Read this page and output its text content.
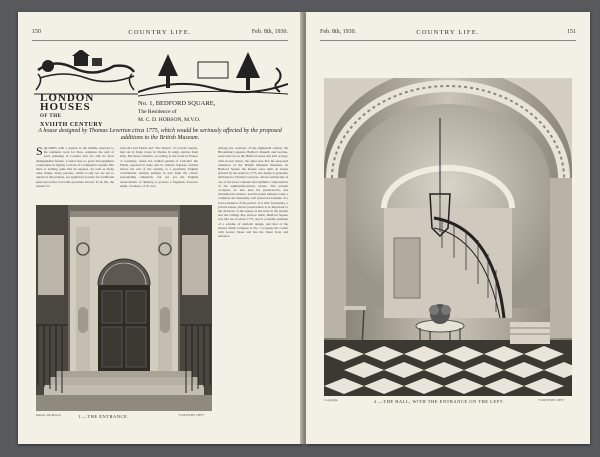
150	COUNTRY LIFE.	Feb. 8th, 1930.
LONDON
HOUSES
OF THE
XVIIITH CENTURY
No. 1, BEDFORD SQUARE,
The Residence of
M. C. D. HOBSON, M.V.O.
A house designed by Thomas Leverton circa 1775, which would be seriously affected by the proposed additions to the British Museum.
SQUARES with a garden in the middle reserved to the residents were for three centuries the unit of town planning in London and are still its most distinguished feature. London has no great thoroughfares comparable in dignity to those of Continental capitals. But there is nothing quite like its squares. As well as many other things, many persons, which to-day we are apt to regard as innovations, are applied in London for traditional purposes before it became prevalent abroad. To be fair, the pattern for
Lincoln's Inn Fields and "The Piazza" of Covent Garden, laid out by Inigo Jones in Charles I's reign, derives from Italy. But these schemes, according to the trend in France or Germany, where the vaulted garden of Lincoln's Inn Fields, repeated in Soho and St. James's Squares, formed before the end of the century, is a peculiarly English contribution. Arising perhaps in part from the classic surrounding cathedrals, but not yet the English characteristic of desiring to possess a fragment, however small, of nature, of its own.
Among the creations of the eighteenth century the Bloomsbury squares, Bedford, Russell, and Gordon, were laid out on the Bedford estate and still occupy, with Gower Street, the quiet area that the proposed extension of the British Museum threatens. In Bedford Square the houses were built on leases granted by the estate in 1775, the design is generally attributed to Thomas Leverton, whose architecture is one of the most coherent and rhythmic compositions of the eighteenth-century streets. The present occupant, no less than his predecessors, has cherished the interior, and the house remains today a complete and unusually well preserved example of a town residence of the period. It is still, fortunately, a private house, and its preservation is as important to the character of the square as the trees in the garden and the railings that enclose them. Bedford Square was laid out in about 1775, and is a notable example of a scheme of uniform design, and that of the houses which compose it. No. 1 occupies the corner with Gower Street and has the finest front and entrance.
Messrs. Dickinson.	1.—THE ENTRANCE.	"COUNTRY LIFE."
Feb. 8th, 1930.	COUNTRY LIFE.	151
Copyright.	2.—THE HALL, WITH THE ENTRANCE ON THE LEFT.	"COUNTRY LIFE."
